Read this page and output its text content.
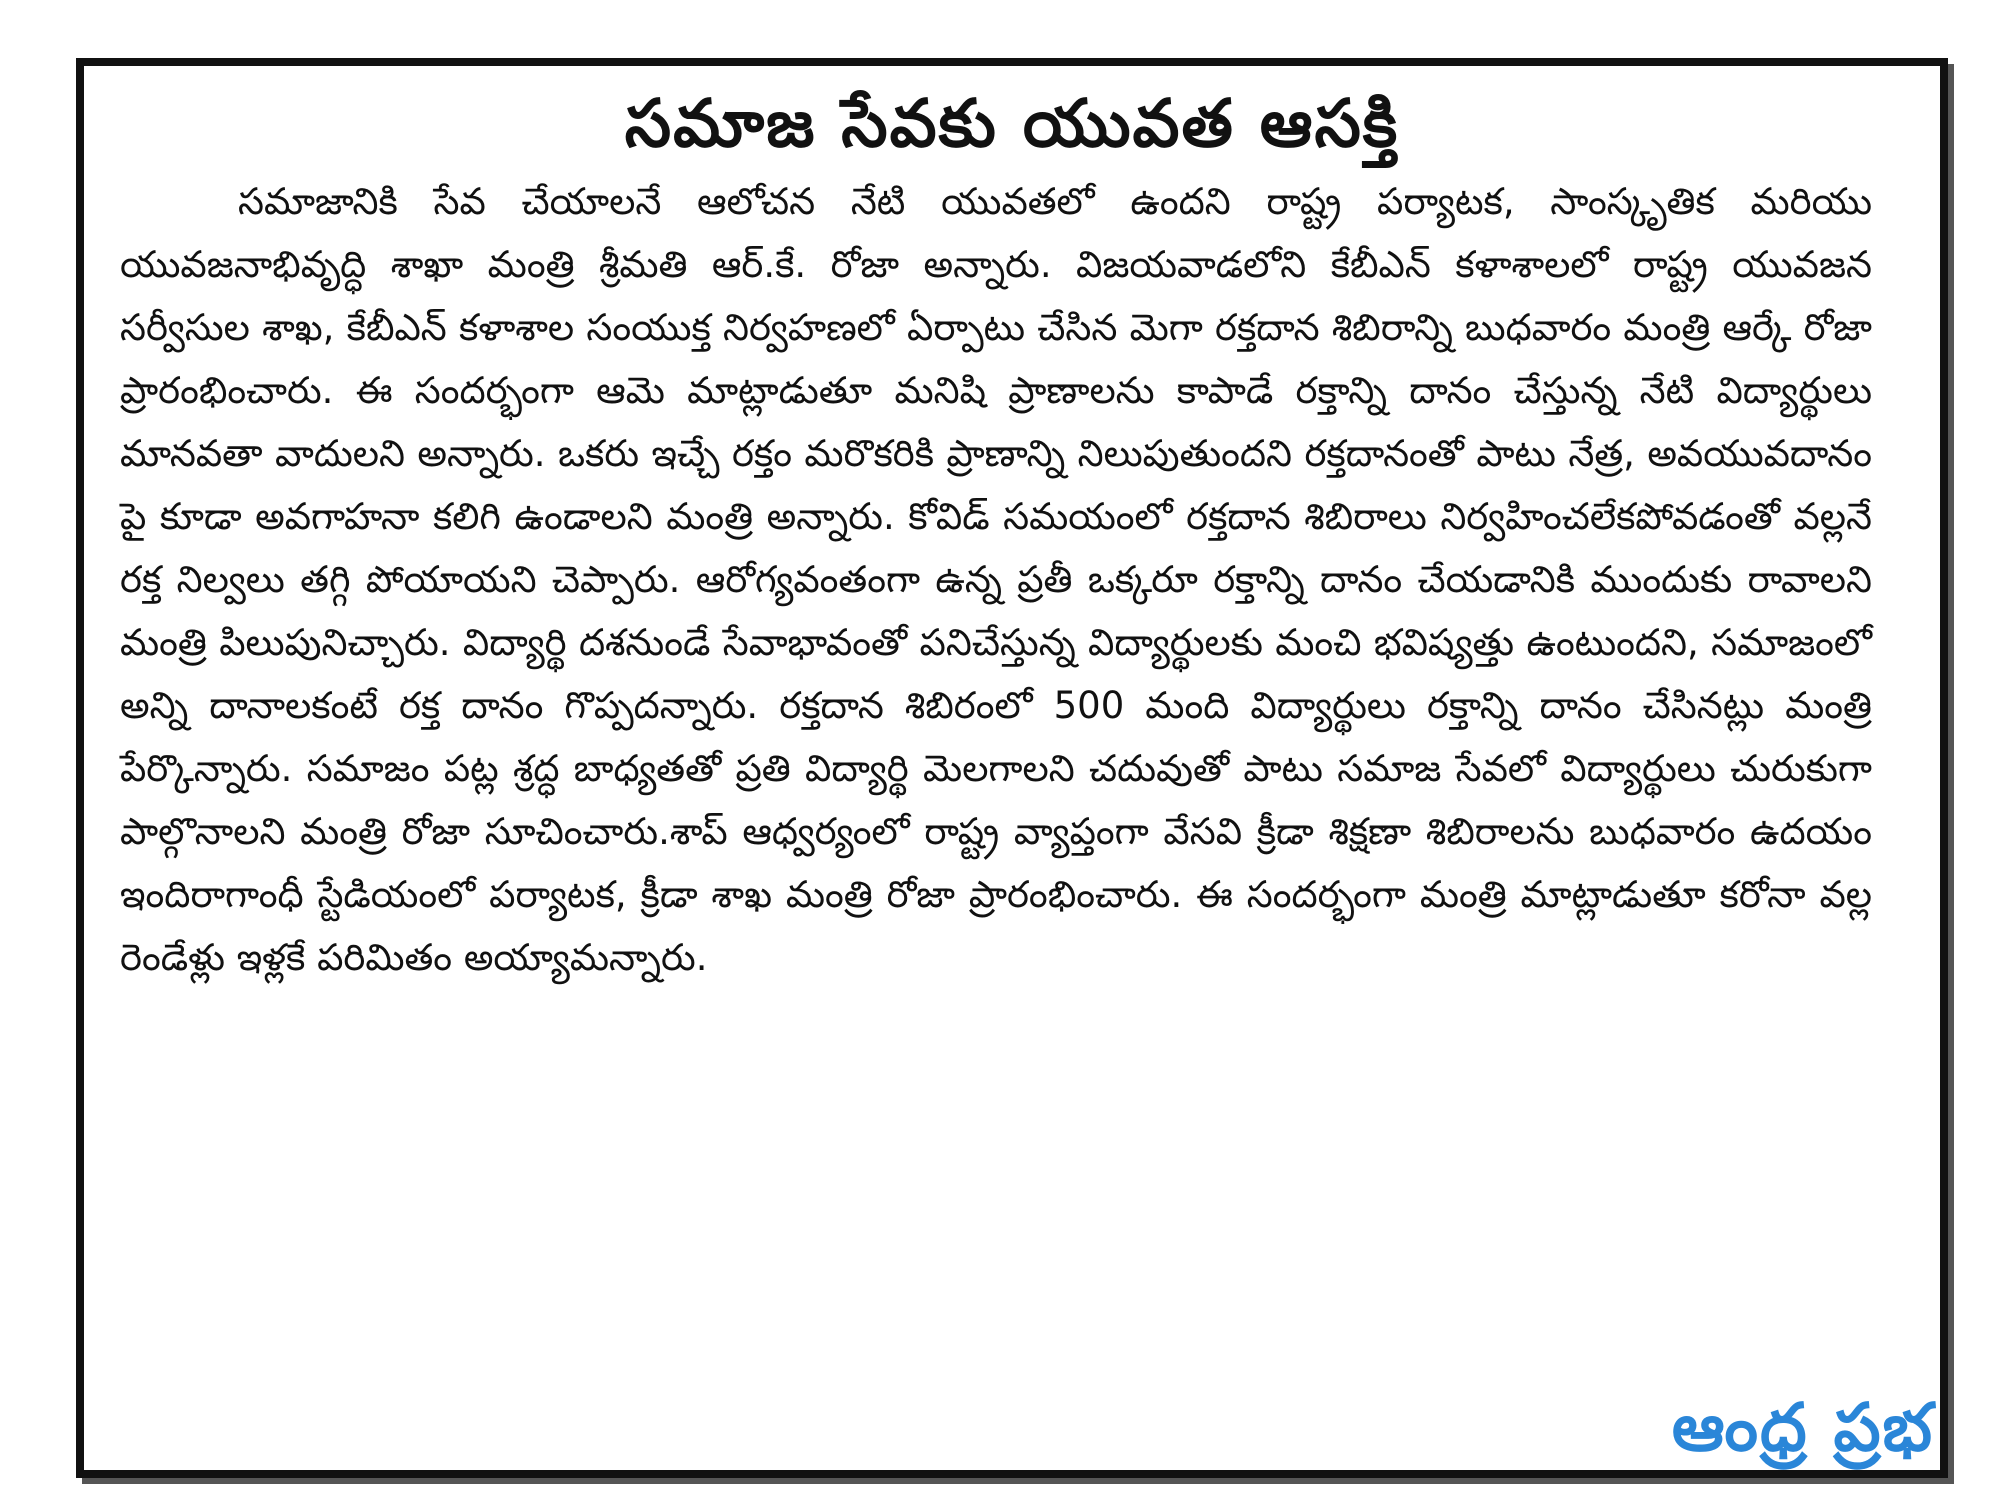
సమాజ సేవకు యువత ఆసక్తి

సమాజానికి సేవ చేయాలనే ఆలోచన నేటి యువతలో ఉందని రాష్ట్ర పర్యాటక, సాంస్కృతిక మరియు యువజనాభివృద్ధి శాఖా మంత్రి శ్రీమతి ఆర్.కే. రోజా అన్నారు. విజయవాడలోని కేబీఎన్ కళాశాలలో రాష్ట్ర యువజన సర్వీసుల శాఖ, కేబీఎన్ కళాశాల సంయుక్త నిర్వహణలో ఏర్పాటు చేసిన మెగా రక్తదాన శిబిరాన్ని బుధవారం మంత్రి ఆర్కే రోజా ప్రారంభించారు. ఈ సందర్భంగా ఆమె మాట్లాడుతూ మనిషి ప్రాణాలను కాపాడే రక్తాన్ని దానం చేస్తున్న నేటి విద్యార్థులు మానవతా వాదులని అన్నారు. ఒకరు ఇచ్చే రక్తం మరొకరికి ప్రాణాన్ని నిలుపుతుందని రక్తదానంతో పాటు నేత్ర, అవయువదానం పై కూడా అవగాహనా కలిగి ఉండాలని మంత్రి అన్నారు. కోవిడ్ సమయంలో రక్తదాన శిబిరాలు నిర్వహించలేకపోవడంతో వల్లనే రక్త నిల్వలు తగ్గి పోయాయని చెప్పారు. ఆరోగ్యవంతంగా ఉన్న ప్రతీ ఒక్కరూ రక్తాన్ని దానం చేయడానికి ముందుకు రావాలని మంత్రి పిలుపునిచ్చారు. విద్యార్థి దశనుండే సేవాభావంతో పనిచేస్తున్న విద్యార్థులకు మంచి భవిష్యత్తు ఉంటుందని, సమాజంలో అన్ని దానాలకంటే రక్త దానం గొప్పదన్నారు. రక్తదాన శిబిరంలో 500 మంది విద్యార్థులు రక్తాన్ని దానం చేసినట్లు మంత్రి పేర్కొన్నారు. సమాజం పట్ల శ్రద్ధ బాధ్యతతో ప్రతి విద్యార్థి మెలగాలని చదువుతో పాటు సమాజ సేవలో విద్యార్థులు చురుకుగా పాల్గొనాలని మంత్రి రోజా సూచించారు.శాప్ ఆధ్వర్యంలో రాష్ట్ర వ్యాప్తంగా వేసవి క్రీడా శిక్షణా శిబిరాలను బుధవారం ఉదయం ఇందిరాగాంధీ స్టేడియంలో పర్యాటక, క్రీడా శాఖ మంత్రి రోజా ప్రారంభించారు. ఈ సందర్భంగా మంత్రి మాట్లాడుతూ కరోనా వల్ల రెండేళ్లు ఇళ్లకే పరిమితం అయ్యామన్నారు.

ఆంధ్ర ప్రభ
